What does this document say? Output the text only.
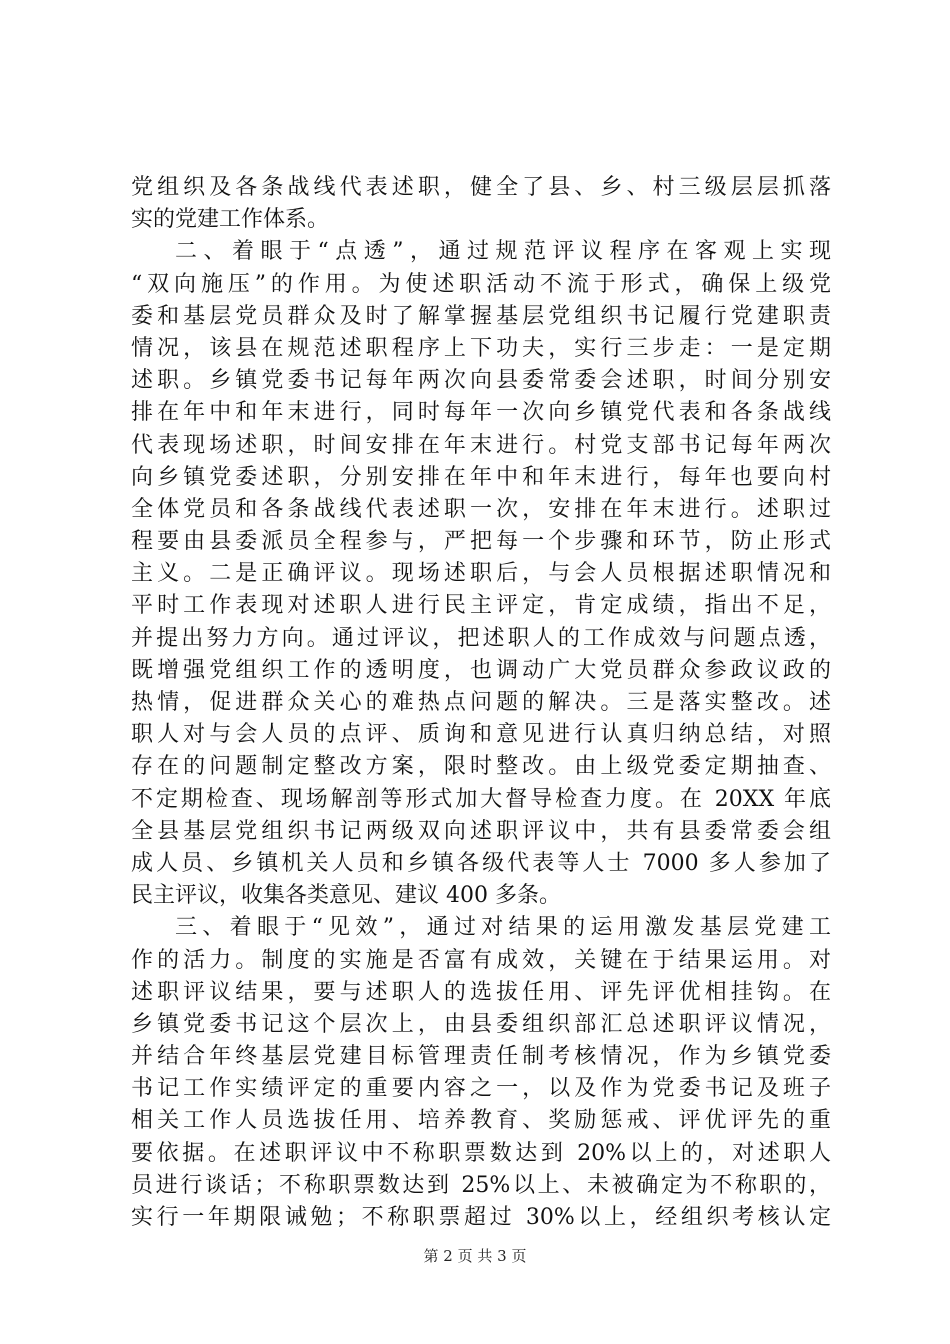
党组织及各条战线代表述职，健全了县、乡、村三级层层抓落
实的党建工作体系。
二、着眼于“点透”，通过规范评议程序在客观上实现
“双向施压”的作用。为使述职活动不流于形式，确保上级党
委和基层党员群众及时了解掌握基层党组织书记履行党建职责
情况，该县在规范述职程序上下功夫，实行三步走：一是定期
述职。乡镇党委书记每年两次向县委常委会述职，时间分别安
排在年中和年末进行，同时每年一次向乡镇党代表和各条战线
代表现场述职，时间安排在年末进行。村党支部书记每年两次
向乡镇党委述职，分别安排在年中和年末进行，每年也要向村
全体党员和各条战线代表述职一次，安排在年末进行。述职过
程要由县委派员全程参与，严把每一个步骤和环节，防止形式
主义。二是正确评议。现场述职后，与会人员根据述职情况和
平时工作表现对述职人进行民主评定，肯定成绩，指出不足，
并提出努力方向。通过评议，把述职人的工作成效与问题点透，
既增强党组织工作的透明度，也调动广大党员群众参政议政的
热情，促进群众关心的难热点问题的解决。三是落实整改。述
职人对与会人员的点评、质询和意见进行认真归纳总结，对照
存在的问题制定整改方案，限时整改。由上级党委定期抽查、
不定期检查、现场解剖等形式加大督导检查力度。在 20XX 年底
全县基层党组织书记两级双向述职评议中，共有县委常委会组
成人员、乡镇机关人员和乡镇各级代表等人士 7000 多人参加了
民主评议，收集各类意见、建议 400 多条。
三、着眼于“见效”，通过对结果的运用激发基层党建工
作的活力。制度的实施是否富有成效，关键在于结果运用。对
述职评议结果，要与述职人的选拔任用、评先评优相挂钩。在
乡镇党委书记这个层次上，由县委组织部汇总述职评议情况，
并结合年终基层党建目标管理责任制考核情况，作为乡镇党委
书记工作实绩评定的重要内容之一，以及作为党委书记及班子
相关工作人员选拔任用、培养教育、奖励惩戒、评优评先的重
要依据。在述职评议中不称职票数达到 20%以上的，对述职人
员进行谈话；不称职票数达到 25%以上、未被确定为不称职的，
实行一年期限诫勉；不称职票超过 30%以上，经组织考核认定
第 2 页 共 3 页
